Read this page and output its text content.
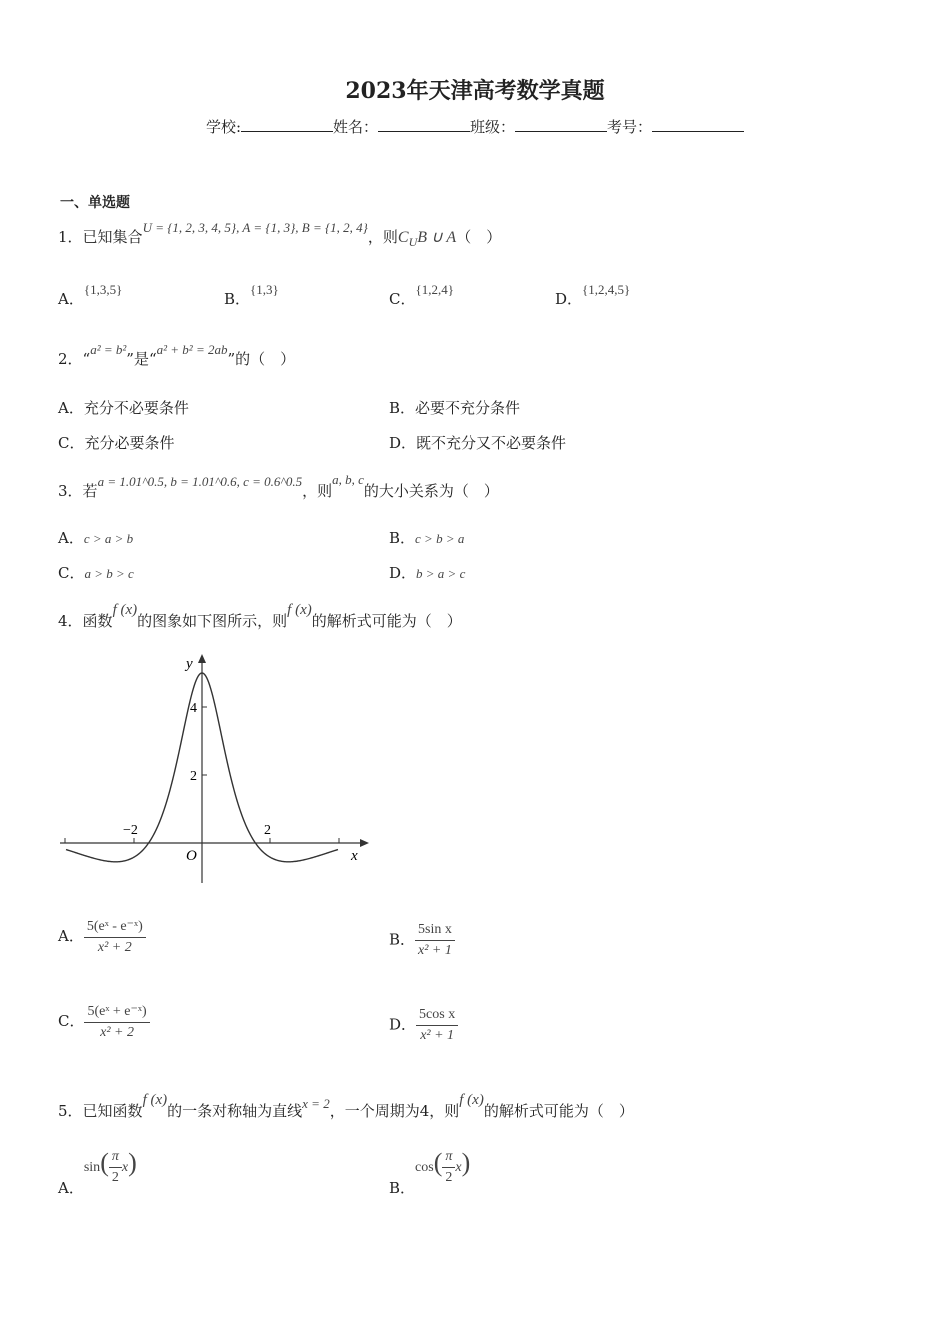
2023年天津高考数学真题
学校:	姓名：	班级：	考号：
一、单选题
1．已知集合U = {1, 2, 3, 4, 5}, A = {1, 3}, B = {1, 2, 4}，则$C_UB$ ∪ A（　）
A．{1,3,5}
B．{1,3}
C．{1,2,4}
D．{1,2,4,5}
2．“a² = b²”是“a² + b² = 2ab”的（　）
A．充分不必要条件	B．必要不充分条件
C．充分必要条件	D．既不充分又不必要条件
3．若a = 1.01^0.5, b = 1.01^0.6, c = 0.6^0.5，则a, b, c的大小关系为（　）
A．c > a > b	B．c > b > a
C．a > b > c	D．b > a > c
4．函数f (x)的图象如下图所示，则f (x)的解析式可能为（　）
y
x
O
4
2
−2	2
A． $\frac{\text{5(eˣ - e⁻ˣ)}}{\text{x² + 2}}$	B． $\frac{\text{5sin x}}{\text{x² + 1}}$
C． $\frac{\text{5(eˣ + e⁻ˣ)}}{\text{x² + 2}}$	D． $\frac{\text{5cos x}}{\text{x² + 1}}$
5．已知函数f (x)的一条对称轴为直线x = 2，一个周期为4，则f (x)的解析式可能为（　）
A．$\sin( \frac{\pi}{2} x)$
B．$\cos( \frac{\pi}{2} x)$
